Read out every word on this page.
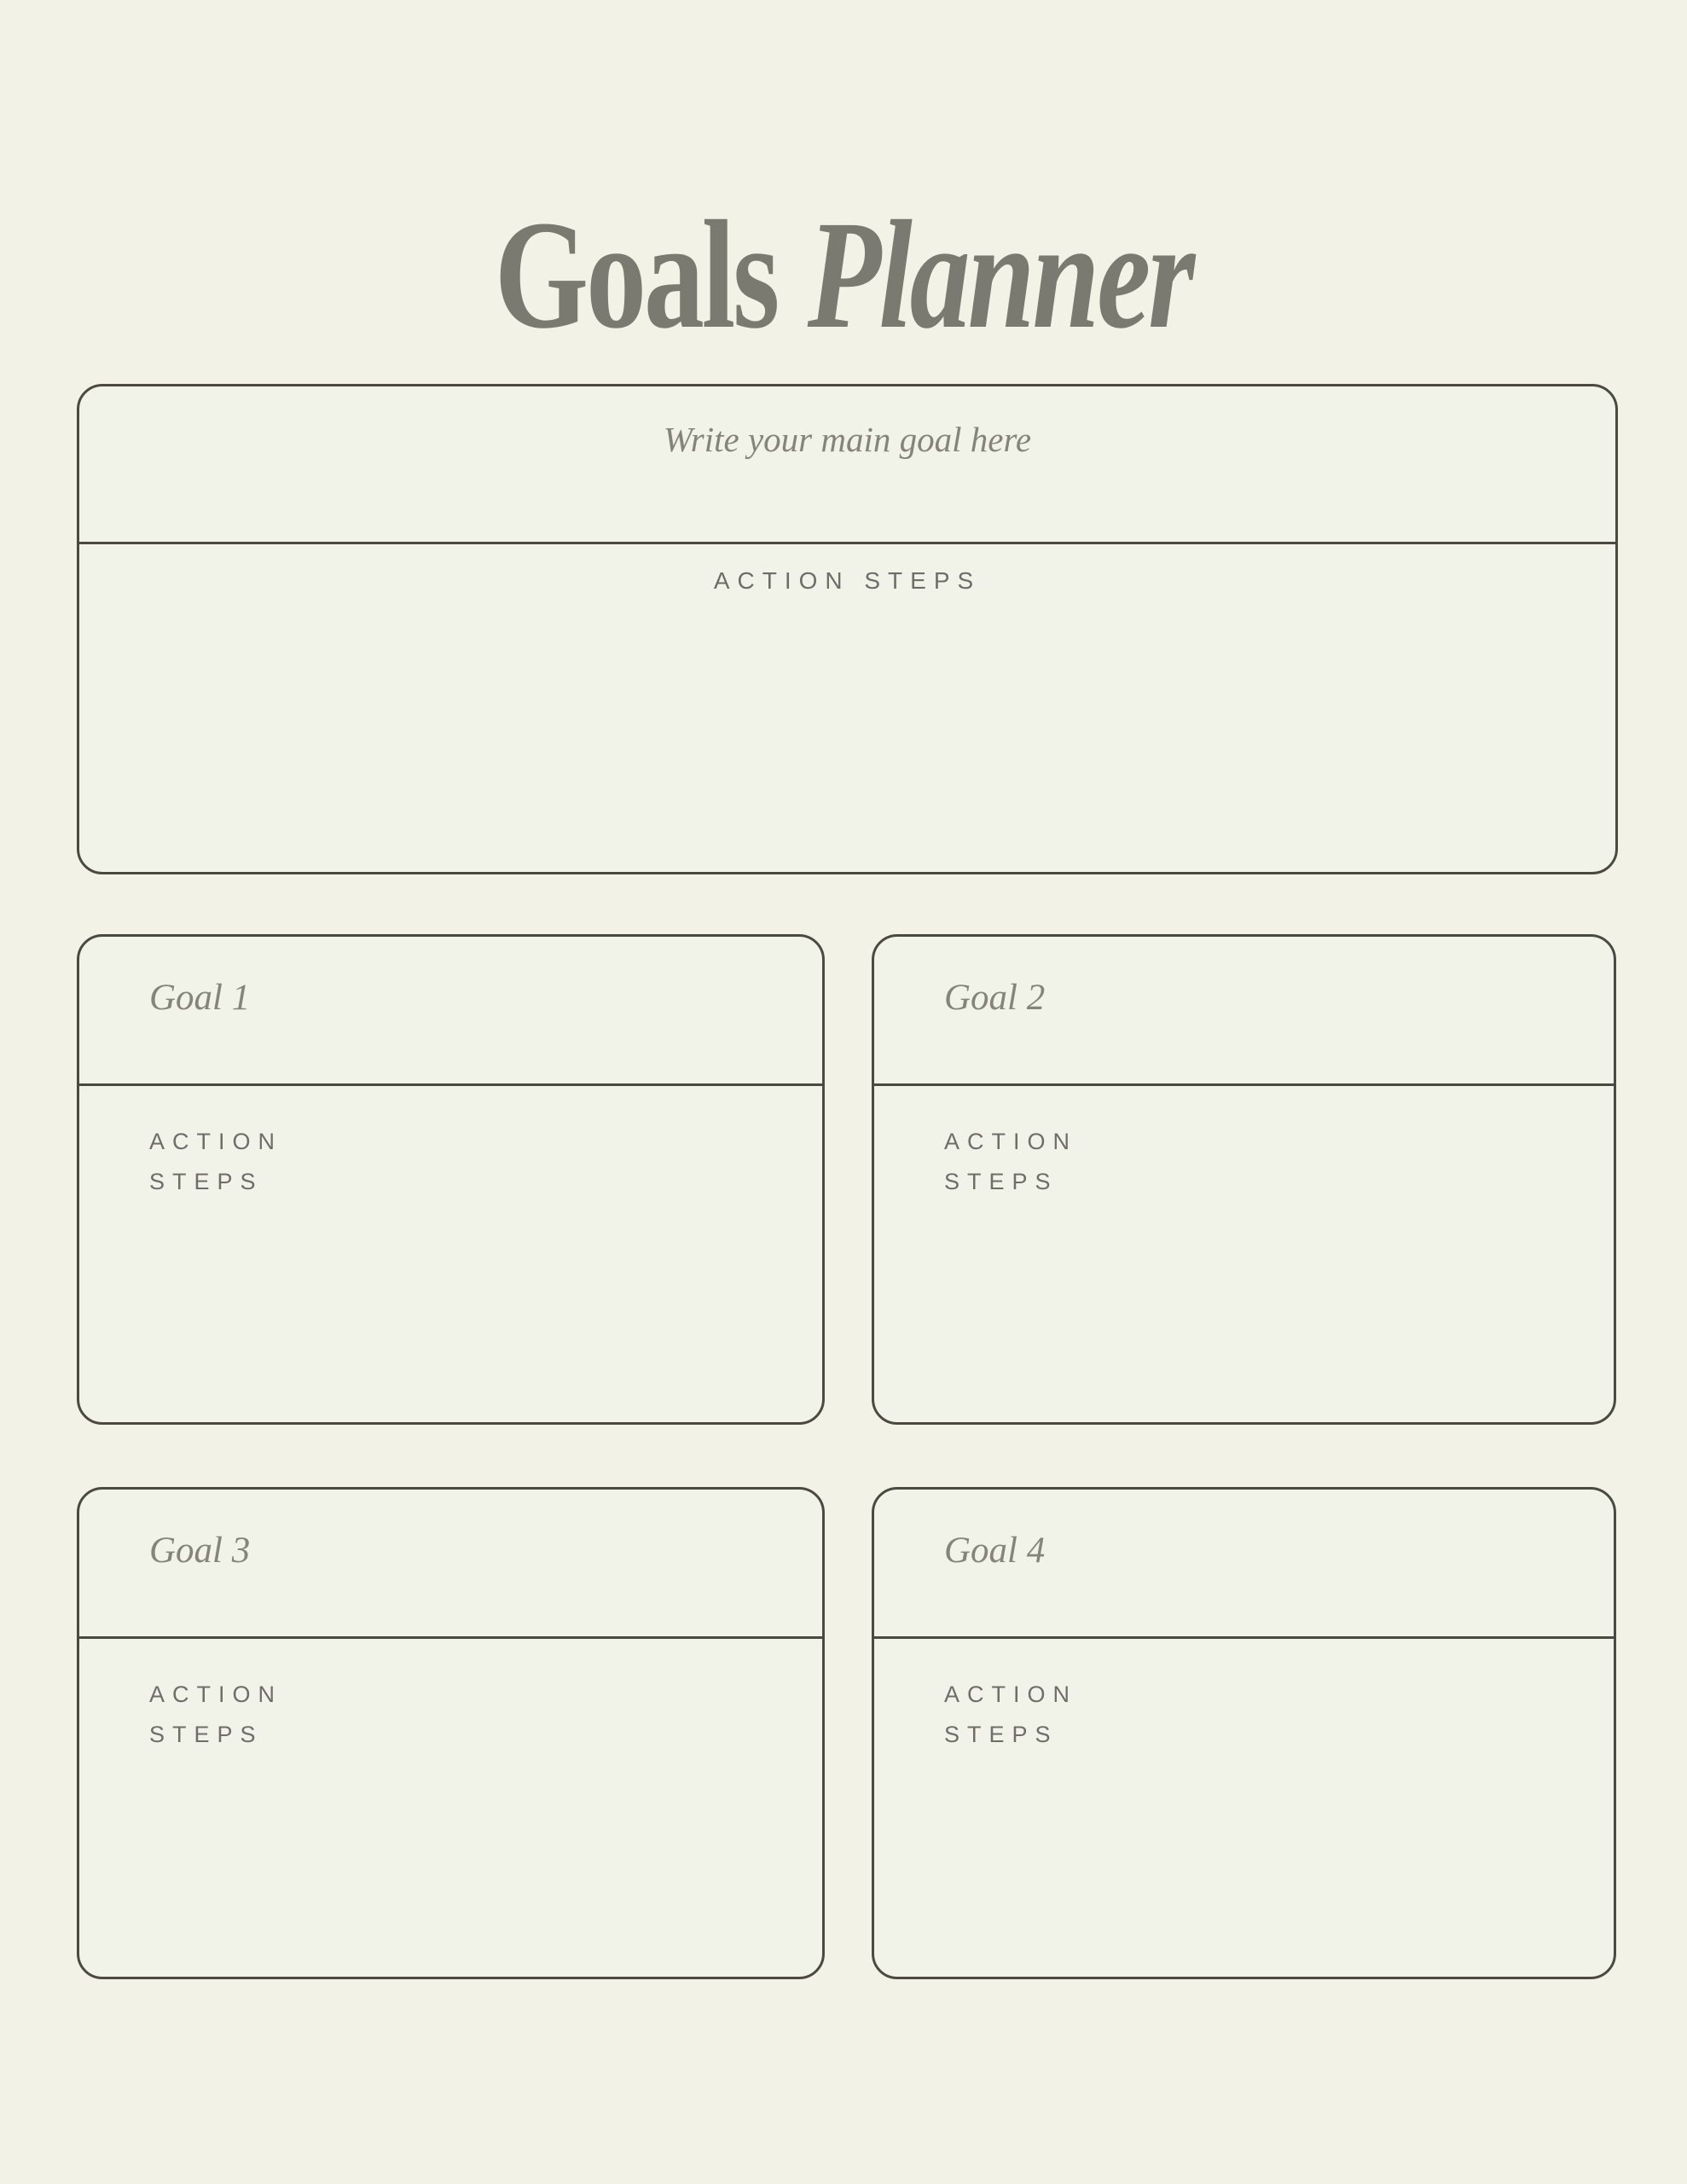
Goals Planner
Write your main goal here
ACTION STEPS
Goal 1
ACTION
STEPS
Goal 2
ACTION
STEPS
Goal 3
ACTION
STEPS
Goal 4
ACTION
STEPS
